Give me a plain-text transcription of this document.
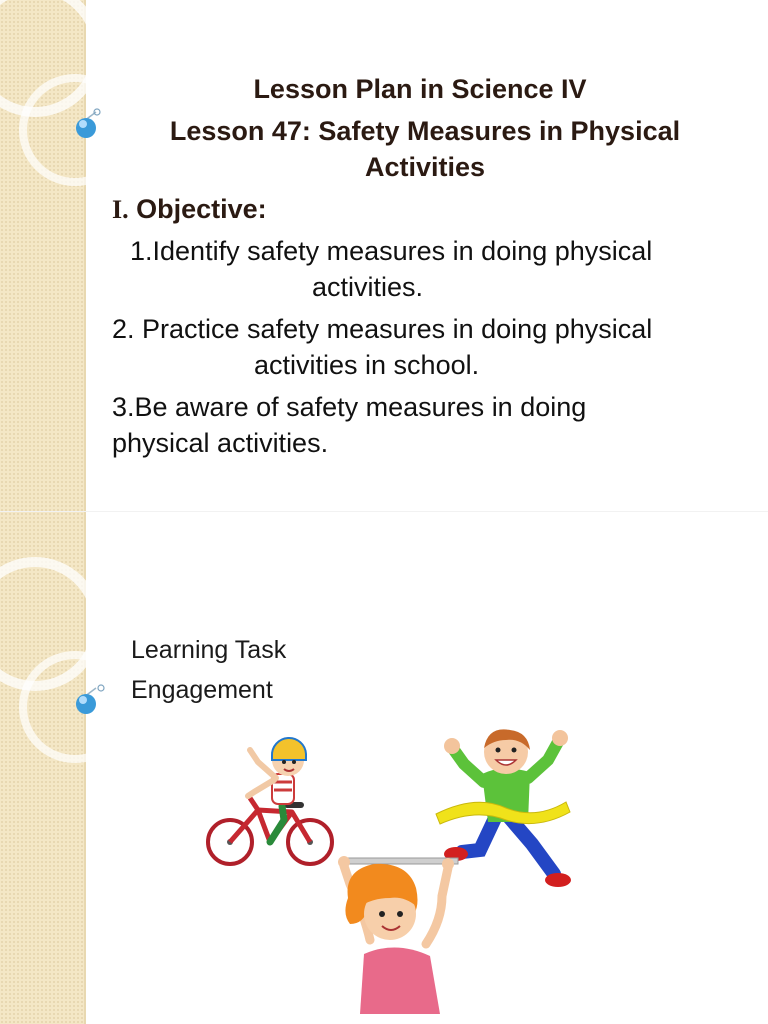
Lesson Plan in Science IV
Lesson 47: Safety Measures in Physical
Activities
I. Objective:
1.Identify safety measures in doing physical
activities.
2. Practice safety measures in doing physical
activities in school.
3.Be aware of safety measures in doing
physical activities.
Learning Task
Engagement
